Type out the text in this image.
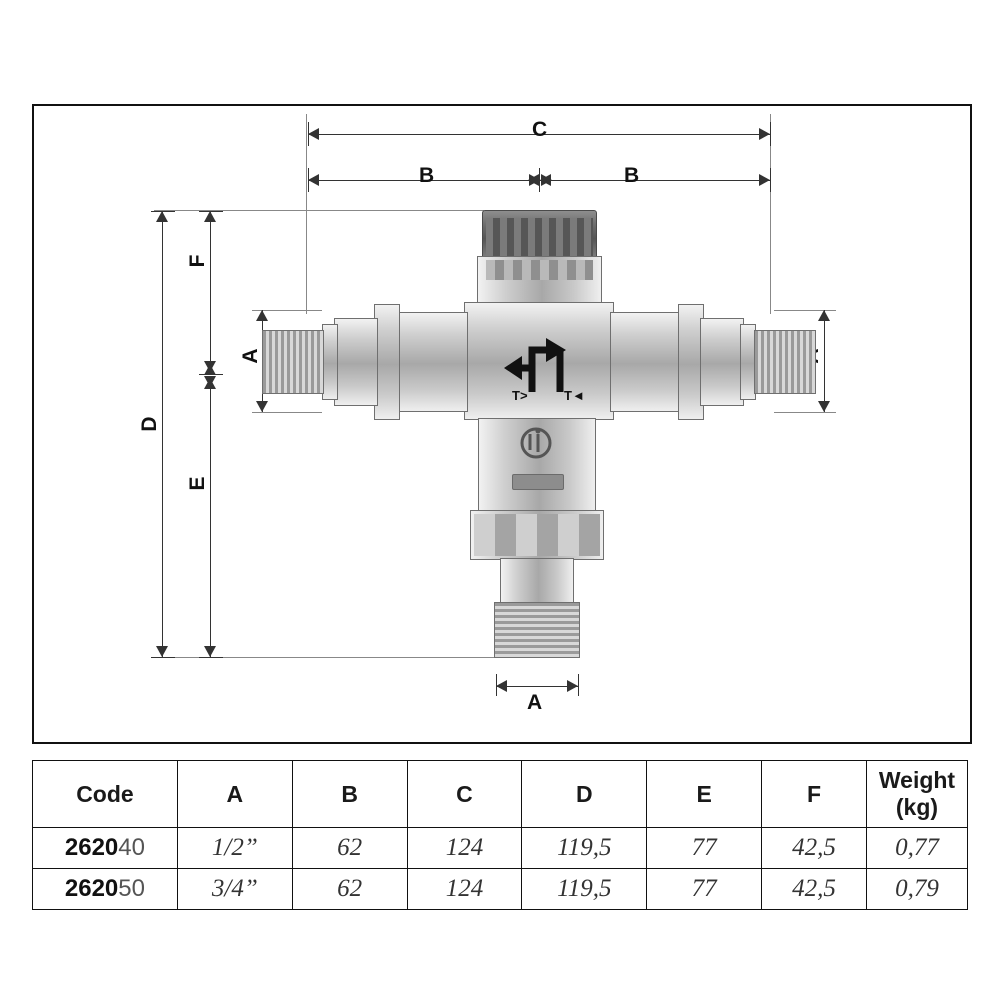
C
B	B
D
F
E
A
A
T>	T◄
Code	A	B	C	D	E	F	Weight (kg)
262040	1/2”	62	124	119,5	77	42,5	0,77
262050	3/4”	62	124	119,5	77	42,5	0,79
